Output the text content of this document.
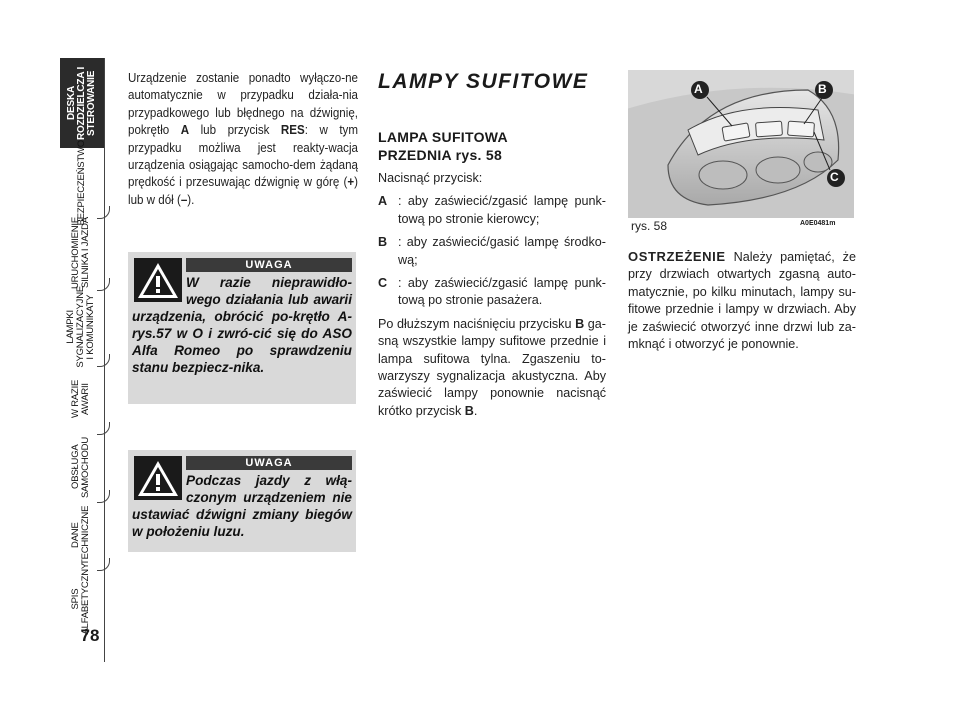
DESKA ROZDZIELCZA I STEROWANIE
BEZPIECZEŃSTWO
URUCHOMIENIE SILNIKA I JAZDA
LAMPKI SYGNALIZACYJNE I KOMUNIKATY
W RAZIE AWARII
OBSŁUGA SAMOCHODU
DANE TECHNICZNE
SPIS ALFABETYCZNY
78
Urządzenie zostanie ponadto wyłączo-ne automatycznie w przypadku działa-nia przypadkowego lub błędnego na dźwignię, pokrętło A lub przycisk RES: w tym przypadku możliwa jest reakty-wacja urządzenia osiągając samocho-dem żądaną prędkość i przesuwając dźwignię w górę (+) lub w dół (–).
UWAGA
W razie nieprawidło-wego działania lub awarii urządzenia, obrócić po-krętło A-rys.57 w O i zwró-cić się do ASO Alfa Romeo po sprawdzeniu stanu bezpiecz-nika.
UWAGA
Podczas jazdy z włą-czonym urządzeniem nie ustawiać dźwigni zmiany biegów w położeniu luzu.
LAMPY SUFITOWE
LAMPA SUFITOWA
PRZEDNIA rys. 58
Nacisnąć przycisk:
A : aby zaświecić/zgasić lampę punk-tową po stronie kierowcy;
B : aby zaświecić/gasić lampę środko-wą;
C : aby zaświecić/zgasić lampę punk-tową po stronie pasażera.
Po dłuższym naciśnięciu przycisku B ga-sną wszystkie lampy sufitowe przednie i lampa sufitowa tylna. Zgaszeniu to-warzyszy sygnalizacja akustyczna. Aby zaświecić lampy ponownie nacisnąć krótko przycisk B.
A	B
C
rys. 58	A0E0481m
OSTRZEŻENIE Należy pamiętać, że przy drzwiach otwartych zgasną auto-matycznie, po kilku minutach, lampy su-fitowe przednie i lampy w drzwiach. Aby je zaświecić otworzyć inne drzwi lub za-mknąć i otworzyć je ponownie.
